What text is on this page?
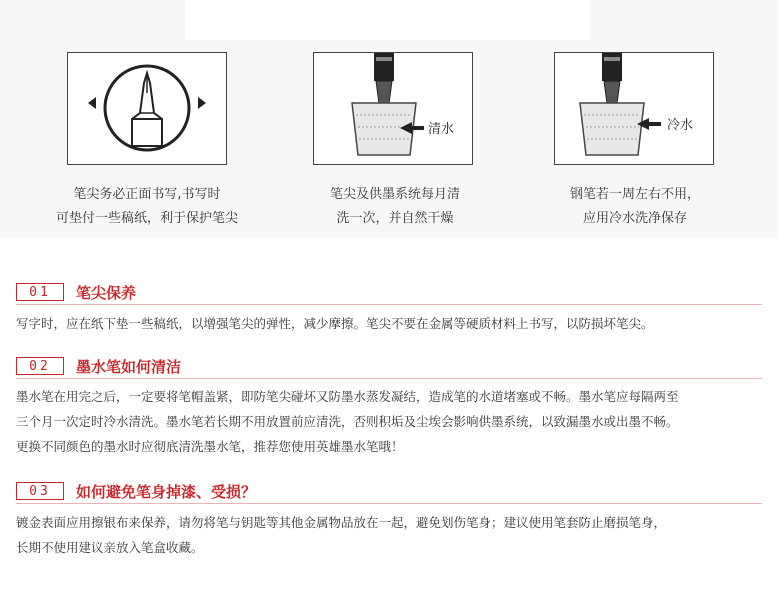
清水	冷水
笔尖务必正面书写,书写时
可垫付一些稿纸，利于保护笔尖
笔尖及供墨系统每月清
洗一次，并自然干燥
钢笔若一周左右不用，
应用冷水洗净保存
01	笔尖保养
写字时，应在纸下垫一些稿纸，以增强笔尖的弹性，减少摩擦。笔尖不要在金属等硬质材料上书写，以防损坏笔尖。
02	墨水笔如何清洁
墨水笔在用完之后，一定要将笔帽盖紧，即防笔尖碰坏又防墨水蒸发凝结，造成笔的水道堵塞或不畅。墨水笔应每隔两至
三个月一次定时冷水清洗。墨水笔若长期不用放置前应清洗，否则积垢及尘埃会影响供墨系统，以致漏墨水或出墨不畅。
更换不同颜色的墨水时应彻底清洗墨水笔，推荐您使用英雄墨水笔哦！
03	如何避免笔身掉漆、受损？
镀金表面应用擦银布来保养，请勿将笔与钥匙等其他金属物品放在一起，避免划伤笔身；建议使用笔套防止磨损笔身，
长期不使用建议亲放入笔盒收藏。
